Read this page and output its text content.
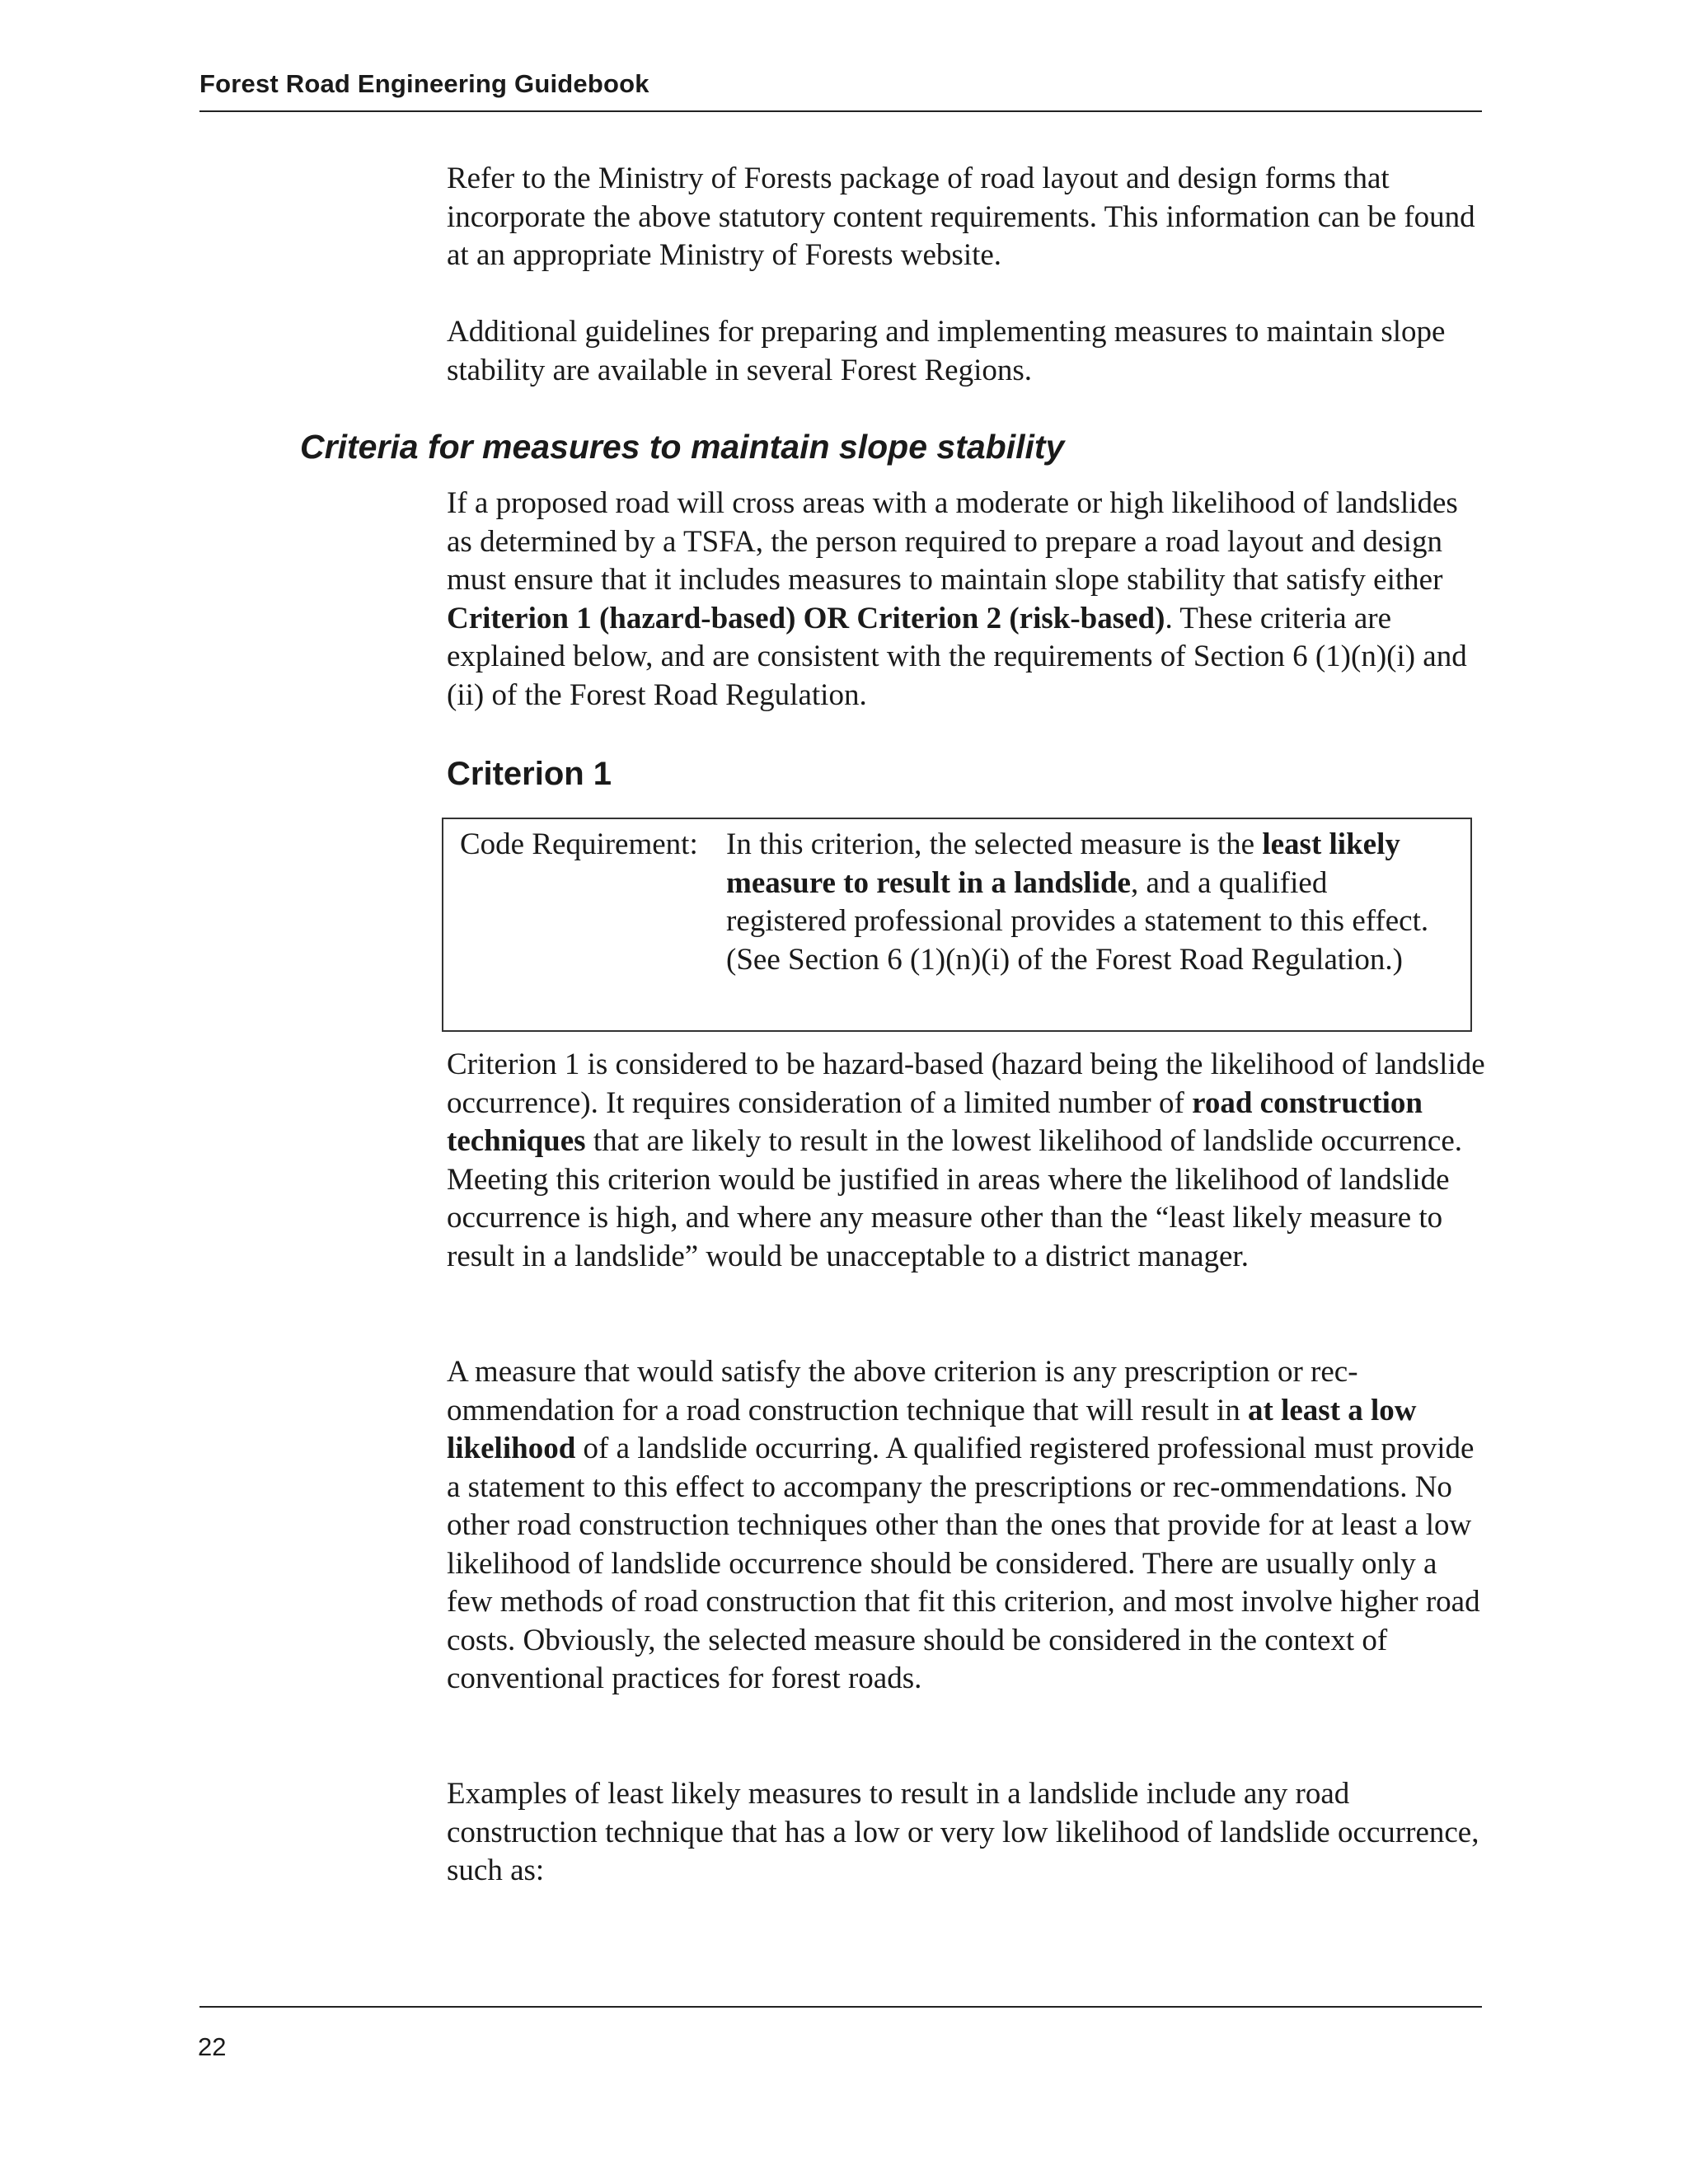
Forest Road Engineering Guidebook

Refer to the Ministry of Forests package of road layout and design forms that incorporate the above statutory content requirements. This information can be found at an appropriate Ministry of Forests website.

Additional guidelines for preparing and implementing measures to maintain slope stability are available in several Forest Regions.

Criteria for measures to maintain slope stability

If a proposed road will cross areas with a moderate or high likelihood of landslides as determined by a TSFA, the person required to prepare a road layout and design must ensure that it includes measures to maintain slope stability that satisfy either Criterion 1 (hazard-based) OR Criterion 2 (risk-based). These criteria are explained below, and are consistent with the requirements of Section 6 (1)(n)(i) and (ii) of the Forest Road Regulation.

Criterion 1
Code Requirement: In this criterion, the selected measure is the least likely measure to result in a landslide, and a qualified registered professional provides a statement to this effect. (See Section 6 (1)(n)(i) of the Forest Road Regulation.)

Criterion 1 is considered to be hazard-based (hazard being the likelihood of landslide occurrence). It requires consideration of a limited number of road construction techniques that are likely to result in the lowest likelihood of landslide occurrence. Meeting this criterion would be justified in areas where the likelihood of landslide occurrence is high, and where any measure other than the “least likely measure to result in a landslide” would be unacceptable to a district manager.

A measure that would satisfy the above criterion is any prescription or rec-ommendation for a road construction technique that will result in at least a low likelihood of a landslide occurring. A qualified registered professional must provide a statement to this effect to accompany the prescriptions or rec-ommendations. No other road construction techniques other than the ones that provide for at least a low likelihood of landslide occurrence should be considered. There are usually only a few methods of road construction that fit this criterion, and most involve higher road costs. Obviously, the selected measure should be considered in the context of conventional practices for forest roads.

Examples of least likely measures to result in a landslide include any road construction technique that has a low or very low likelihood of landslide occurrence, such as:

22
